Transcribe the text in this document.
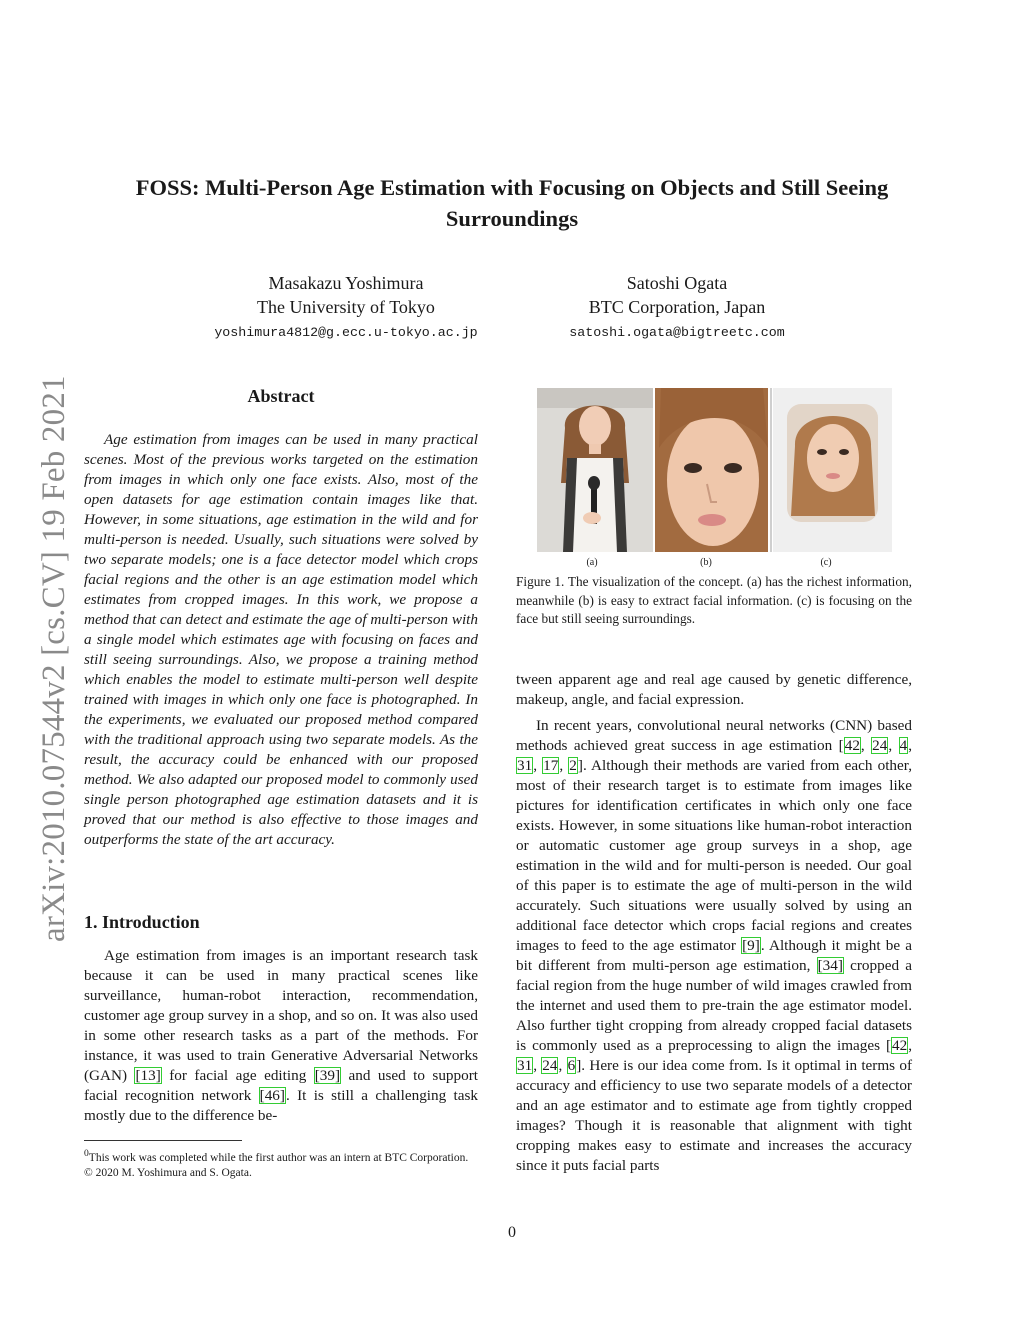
arXiv:2010.07544v2 [cs.CV] 19 Feb 2021
FOSS: Multi-Person Age Estimation with Focusing on Objects and Still Seeing
Surroundings
Masakazu Yoshimura
The University of Tokyo
yoshimura4812@g.ecc.u-tokyo.ac.jp
Satoshi Ogata
BTC Corporation, Japan
satoshi.ogata@bigtreetc.com
Abstract

Age estimation from images can be used in many practical scenes. Most of the previous works targeted on the estimation from images in which only one face exists. Also, most of the open datasets for age estimation contain images like that. However, in some situations, age estimation in the wild and for multi-person is needed. Usually, such situations were solved by two separate models; one is a face detector model which crops facial regions and the other is an age estimation model which estimates from cropped images. In this work, we propose a method that can detect and estimate the age of multi-person with a single model which estimates age with focusing on faces and still seeing surroundings. Also, we propose a training method which enables the model to estimate multi-person well despite trained with images in which only one face is photographed. In the experiments, we evaluated our proposed method compared with the traditional approach using two separate models. As the result, the accuracy could be enhanced with our proposed method. We also adapted our proposed model to commonly used single person photographed age estimation datasets and it is proved that our method is also effective to those images and outperforms the state of the art accuracy.

1. Introduction

Age estimation from images is an important research task because it can be used in many practical scenes like surveillance, human-robot interaction, recommendation, customer age group survey in a shop, and so on. It was also used in some other research tasks as a part of the methods. For instance, it was used to train Generative Adversarial Networks (GAN) [13] for facial age editing [39] and used to support facial recognition network [46]. It is still a challenging task mostly due to the difference be-

$^0$This work was completed while the first author was an intern at BTC Corporation.
© 2020 M. Yoshimura and S. Ogata.
(a)	(b)	(c)
Figure 1. The visualization of the concept. (a) has the richest information, meanwhile (b) is easy to extract facial information. (c) is focusing on the face but still seeing surroundings.

tween apparent age and real age caused by genetic difference, makeup, angle, and facial expression.

In recent years, convolutional neural networks (CNN) based methods achieved great success in age estimation [42, 24, 4, 31, 17, 2]. Although their methods are varied from each other, most of their research target is to estimate from images like pictures for identification certificates in which only one face exists. However, in some situations like human-robot interaction or automatic customer age group surveys in a shop, age estimation in the wild and for multi-person is needed. Our goal of this paper is to estimate the age of multi-person in the wild accurately. Such situations were usually solved by using an additional face detector which crops facial regions and creates images to feed to the age estimator [9]. Although it might be a bit different from multi-person age estimation, [34] cropped a facial region from the huge number of wild images crawled from the internet and used them to pre-train the age estimator model. Also further tight cropping from already cropped facial datasets is commonly used as a preprocessing to align the images [42, 31, 24, 6]. Here is our idea come from. Is it optimal in terms of accuracy and efficiency to use two separate models of a detector and an age estimator and to estimate age from tightly cropped images? Though it is reasonable that alignment with tight cropping makes easy to estimate and increases the accuracy since it puts facial parts

0
